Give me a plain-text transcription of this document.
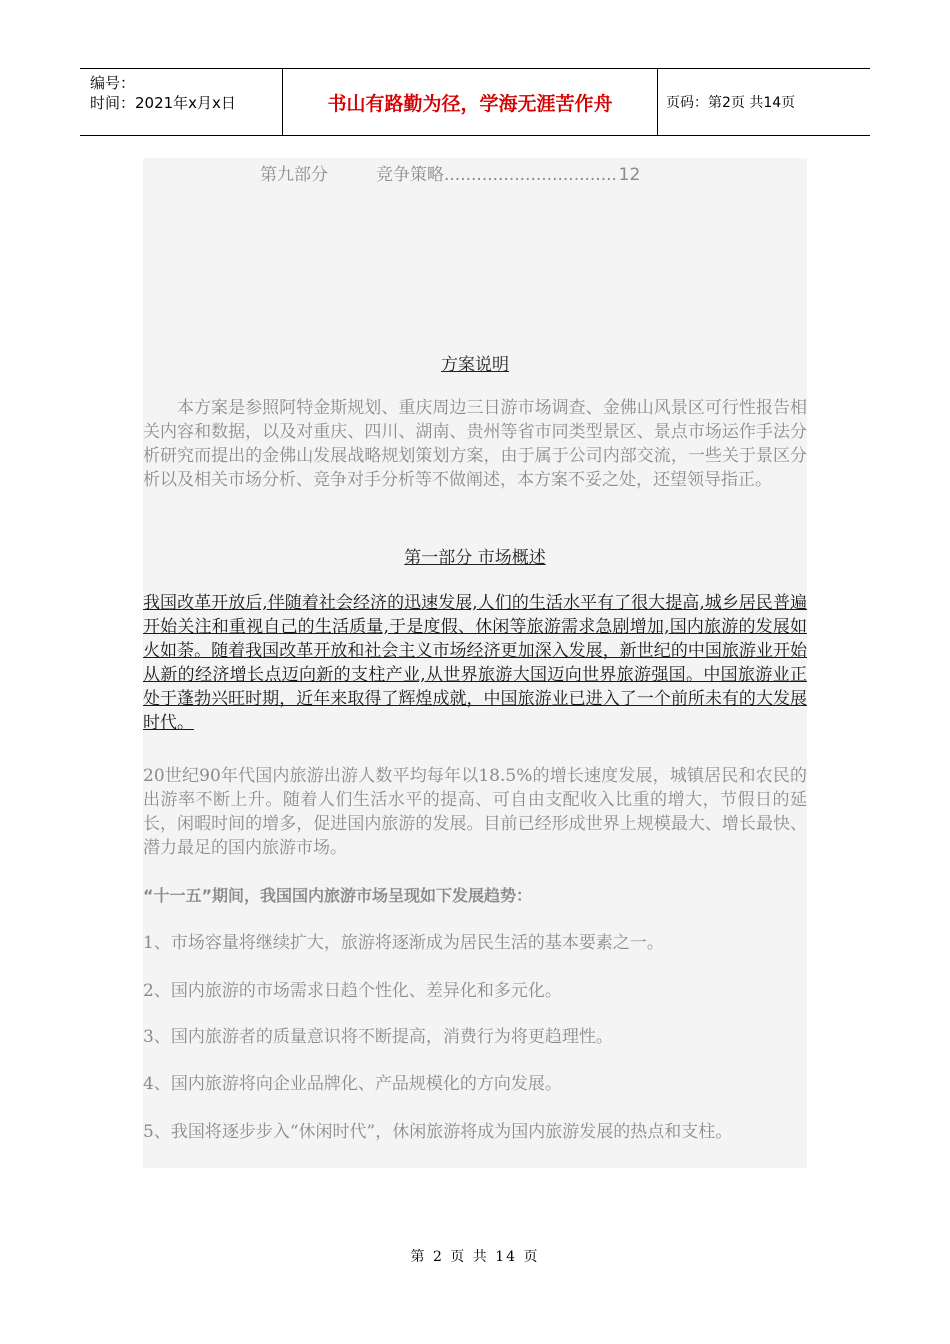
编号：
时间：2021年x月x日	书山有路勤为径，学海无涯苦作舟	页码：第2页 共14页
第九部分	竞争策略................................  12
方案说明

本方案是参照阿特金斯规划、重庆周边三日游市场调查、金佛山风景区可行性报告相关内容和数据，以及对重庆、四川、湖南、贵州等省市同类型景区、景点市场运作手法分析研究而提出的金佛山发展战略规划策划方案，由于属于公司内部交流，一些关于景区分析以及相关市场分析、竞争对手分析等不做阐述，本方案不妥之处，还望领导指正。

第一部分 市场概述

我国改革开放后,伴随着社会经济的迅速发展,人们的生活水平有了很大提高,城乡居民普遍开始关注和重视自己的生活质量,于是度假、休闲等旅游需求急剧增加,国内旅游的发展如火如荼。随着我国改革开放和社会主义市场经济更加深入发展，新世纪的中国旅游业开始从新的经济增长点迈向新的支柱产业,从世界旅游大国迈向世界旅游强国。中国旅游业正处于蓬勃兴旺时期，近年来取得了辉煌成就，中国旅游业已进入了一个前所未有的大发展时代。

20世纪90年代国内旅游出游人数平均每年以18.5%的增长速度发展，城镇居民和农民的出游率不断上升。随着人们生活水平的提高、可自由支配收入比重的增大，节假日的延长，闲暇时间的增多，促进国内旅游的发展。目前已经形成世界上规模最大、增长最快、潜力最足的国内旅游市场。

“十一五”期间，我国国内旅游市场呈现如下发展趋势：

1、市场容量将继续扩大，旅游将逐渐成为居民生活的基本要素之一。

2、国内旅游的市场需求日趋个性化、差异化和多元化。

3、国内旅游者的质量意识将不断提高，消费行为将更趋理性。

4、国内旅游将向企业品牌化、产品规模化的方向发展。

5、我国将逐步步入“休闲时代”，休闲旅游将成为国内旅游发展的热点和支柱。

第 2 页 共 14 页
